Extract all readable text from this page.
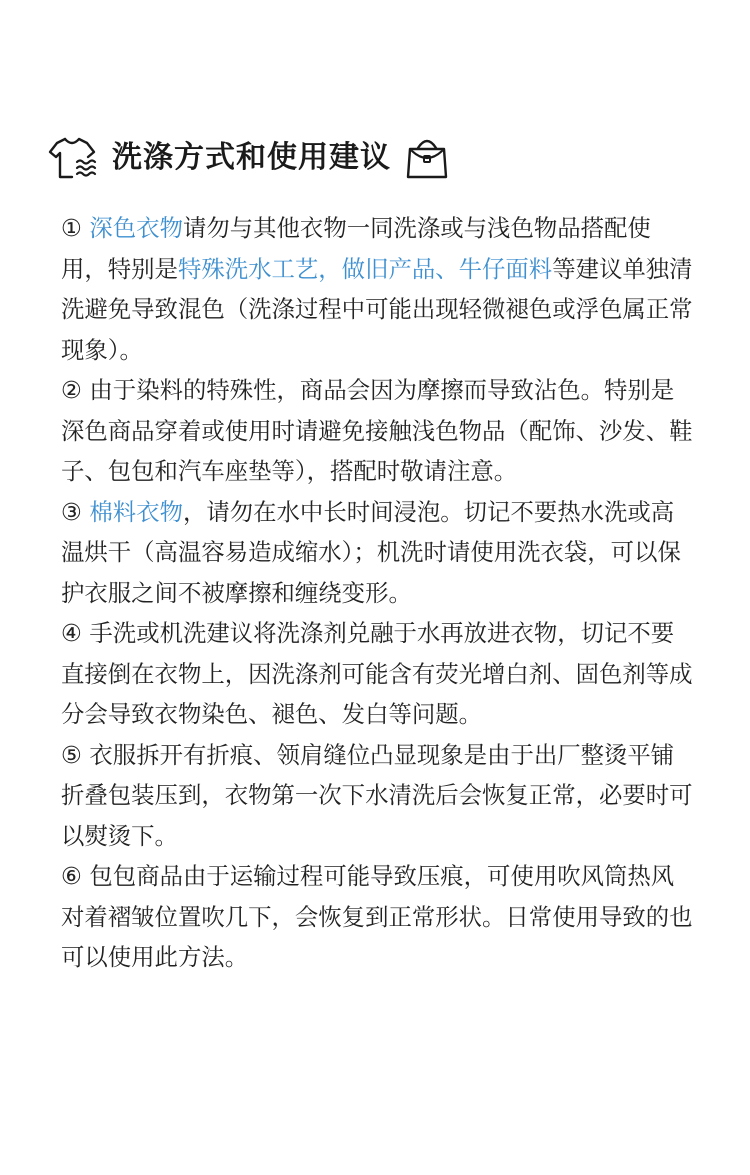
洗涤方式和使用建议

① 深色衣物请勿与其他衣物一同洗涤或与浅色物品搭配使用，特别是特殊洗水工艺，做旧产品、牛仔面料等建议单独清洗避免导致混色（洗涤过程中可能出现轻微褪色或浮色属正常现象）。

② 由于染料的特殊性，商品会因为摩擦而导致沾色。特别是深色商品穿着或使用时请避免接触浅色物品（配饰、沙发、鞋子、包包和汽车座垫等），搭配时敬请注意。

③ 棉料衣物，请勿在水中长时间浸泡。切记不要热水洗或高温烘干（高温容易造成缩水）；机洗时请使用洗衣袋，可以保护衣服之间不被摩擦和缠绕变形。

④ 手洗或机洗建议将洗涤剂兑融于水再放进衣物，切记不要直接倒在衣物上，因洗涤剂可能含有荧光增白剂、固色剂等成分会导致衣物染色、褪色、发白等问题。

⑤ 衣服拆开有折痕、领肩缝位凸显现象是由于出厂整烫平铺折叠包装压到，衣物第一次下水清洗后会恢复正常，必要时可以熨烫下。

⑥ 包包商品由于运输过程可能导致压痕，可使用吹风筒热风对着褶皱位置吹几下，会恢复到正常形状。日常使用导致的也可以使用此方法。
